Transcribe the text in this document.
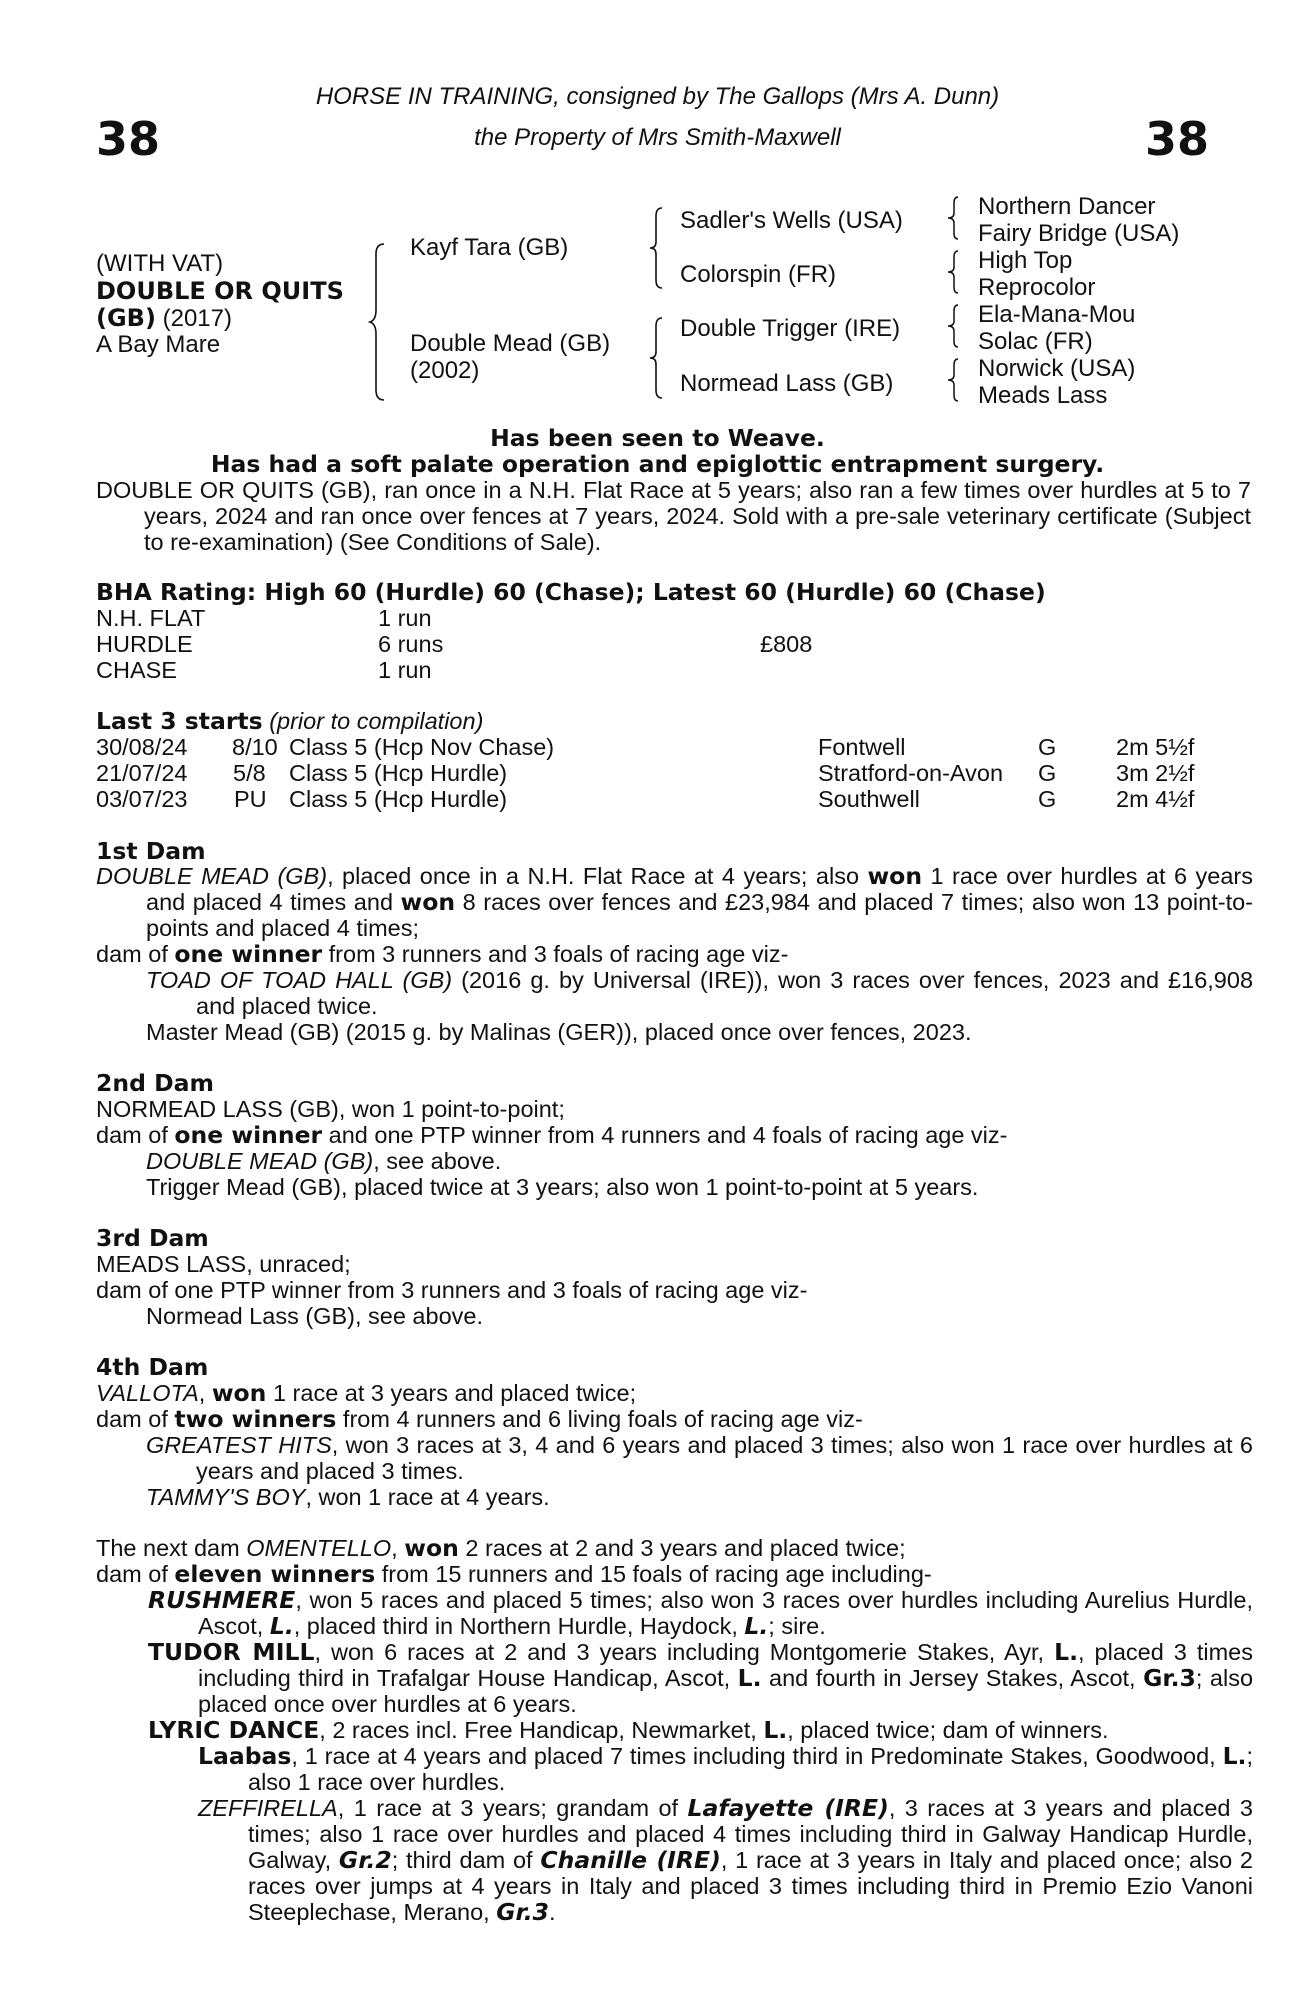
38	38
HORSE IN TRAINING, consigned by The Gallops (Mrs A. Dunn)
the Property of Mrs Smith-Maxwell
(WITH VAT)
DOUBLE OR QUITS
(GB) (2017)
A Bay Mare
Kayf Tara (GB)
Double Mead (GB)
(2002)
Sadler's Wells (USA)
Colorspin (FR)
Double Trigger (IRE)
Normead Lass (GB)
Northern Dancer
Fairy Bridge (USA)
High Top
Reprocolor
Ela-Mana-Mou
Solac (FR)
Norwick (USA)
Meads Lass
Has been seen to Weave.
Has had a soft palate operation and epiglottic entrapment surgery.
DOUBLE OR QUITS (GB), ran once in a N.H. Flat Race at 5 years; also ran a few times over hurdles at 5 to 7 years, 2024 and ran once over fences at 7 years, 2024. Sold with a pre-sale veterinary certificate (Subject to re-examination) (See Conditions of Sale).
BHA Rating: High 60 (Hurdle) 60 (Chase); Latest 60 (Hurdle) 60 (Chase)
N.H. FLAT	1 run
HURDLE	6 runs	£808
CHASE	1 run
Last 3 starts (prior to compilation)
30/08/24 8/10 Class 5 (Hcp Nov Chase)	Fontwell	G	2m 5½f
21/07/24 5/8 Class 5 (Hcp Hurdle)	Stratford-on-Avon G	3m 2½f
03/07/23 PU Class 5 (Hcp Hurdle)	Southwell	G	2m 4½f
1st Dam
DOUBLE MEAD (GB), placed once in a N.H. Flat Race at 4 years; also won 1 race over hurdles at 6 years and placed 4 times and won 8 races over fences and £23,984 and placed 7 times; also won 13 point-to-points and placed 4 times;
dam of one winner from 3 runners and 3 foals of racing age viz-
TOAD OF TOAD HALL (GB) (2016 g. by Universal (IRE)), won 3 races over fences, 2023 and £16,908 and placed twice.
Master Mead (GB) (2015 g. by Malinas (GER)), placed once over fences, 2023.
2nd Dam
NORMEAD LASS (GB), won 1 point-to-point;
dam of one winner and one PTP winner from 4 runners and 4 foals of racing age viz-
DOUBLE MEAD (GB), see above.
Trigger Mead (GB), placed twice at 3 years; also won 1 point-to-point at 5 years.
3rd Dam
MEADS LASS, unraced;
dam of one PTP winner from 3 runners and 3 foals of racing age viz-
Normead Lass (GB), see above.
4th Dam
VALLOTA, won 1 race at 3 years and placed twice;
dam of two winners from 4 runners and 6 living foals of racing age viz-
GREATEST HITS, won 3 races at 3, 4 and 6 years and placed 3 times; also won 1 race over hurdles at 6 years and placed 3 times.
TAMMY'S BOY, won 1 race at 4 years.
The next dam OMENTELLO, won 2 races at 2 and 3 years and placed twice;
dam of eleven winners from 15 runners and 15 foals of racing age including-
RUSHMERE, won 5 races and placed 5 times; also won 3 races over hurdles including Aurelius Hurdle, Ascot, L., placed third in Northern Hurdle, Haydock, L.; sire.
TUDOR MILL, won 6 races at 2 and 3 years including Montgomerie Stakes, Ayr, L., placed 3 times including third in Trafalgar House Handicap, Ascot, L. and fourth in Jersey Stakes, Ascot, Gr.3; also placed once over hurdles at 6 years.
LYRIC DANCE, 2 races incl. Free Handicap, Newmarket, L., placed twice; dam of winners.
Laabas, 1 race at 4 years and placed 7 times including third in Predominate Stakes, Goodwood, L.; also 1 race over hurdles.
ZEFFIRELLA, 1 race at 3 years; grandam of Lafayette (IRE), 3 races at 3 years and placed 3 times; also 1 race over hurdles and placed 4 times including third in Galway Handicap Hurdle, Galway, Gr.2; third dam of Chanille (IRE), 1 race at 3 years in Italy and placed once; also 2 races over jumps at 4 years in Italy and placed 3 times including third in Premio Ezio Vanoni Steeplechase, Merano, Gr.3.
